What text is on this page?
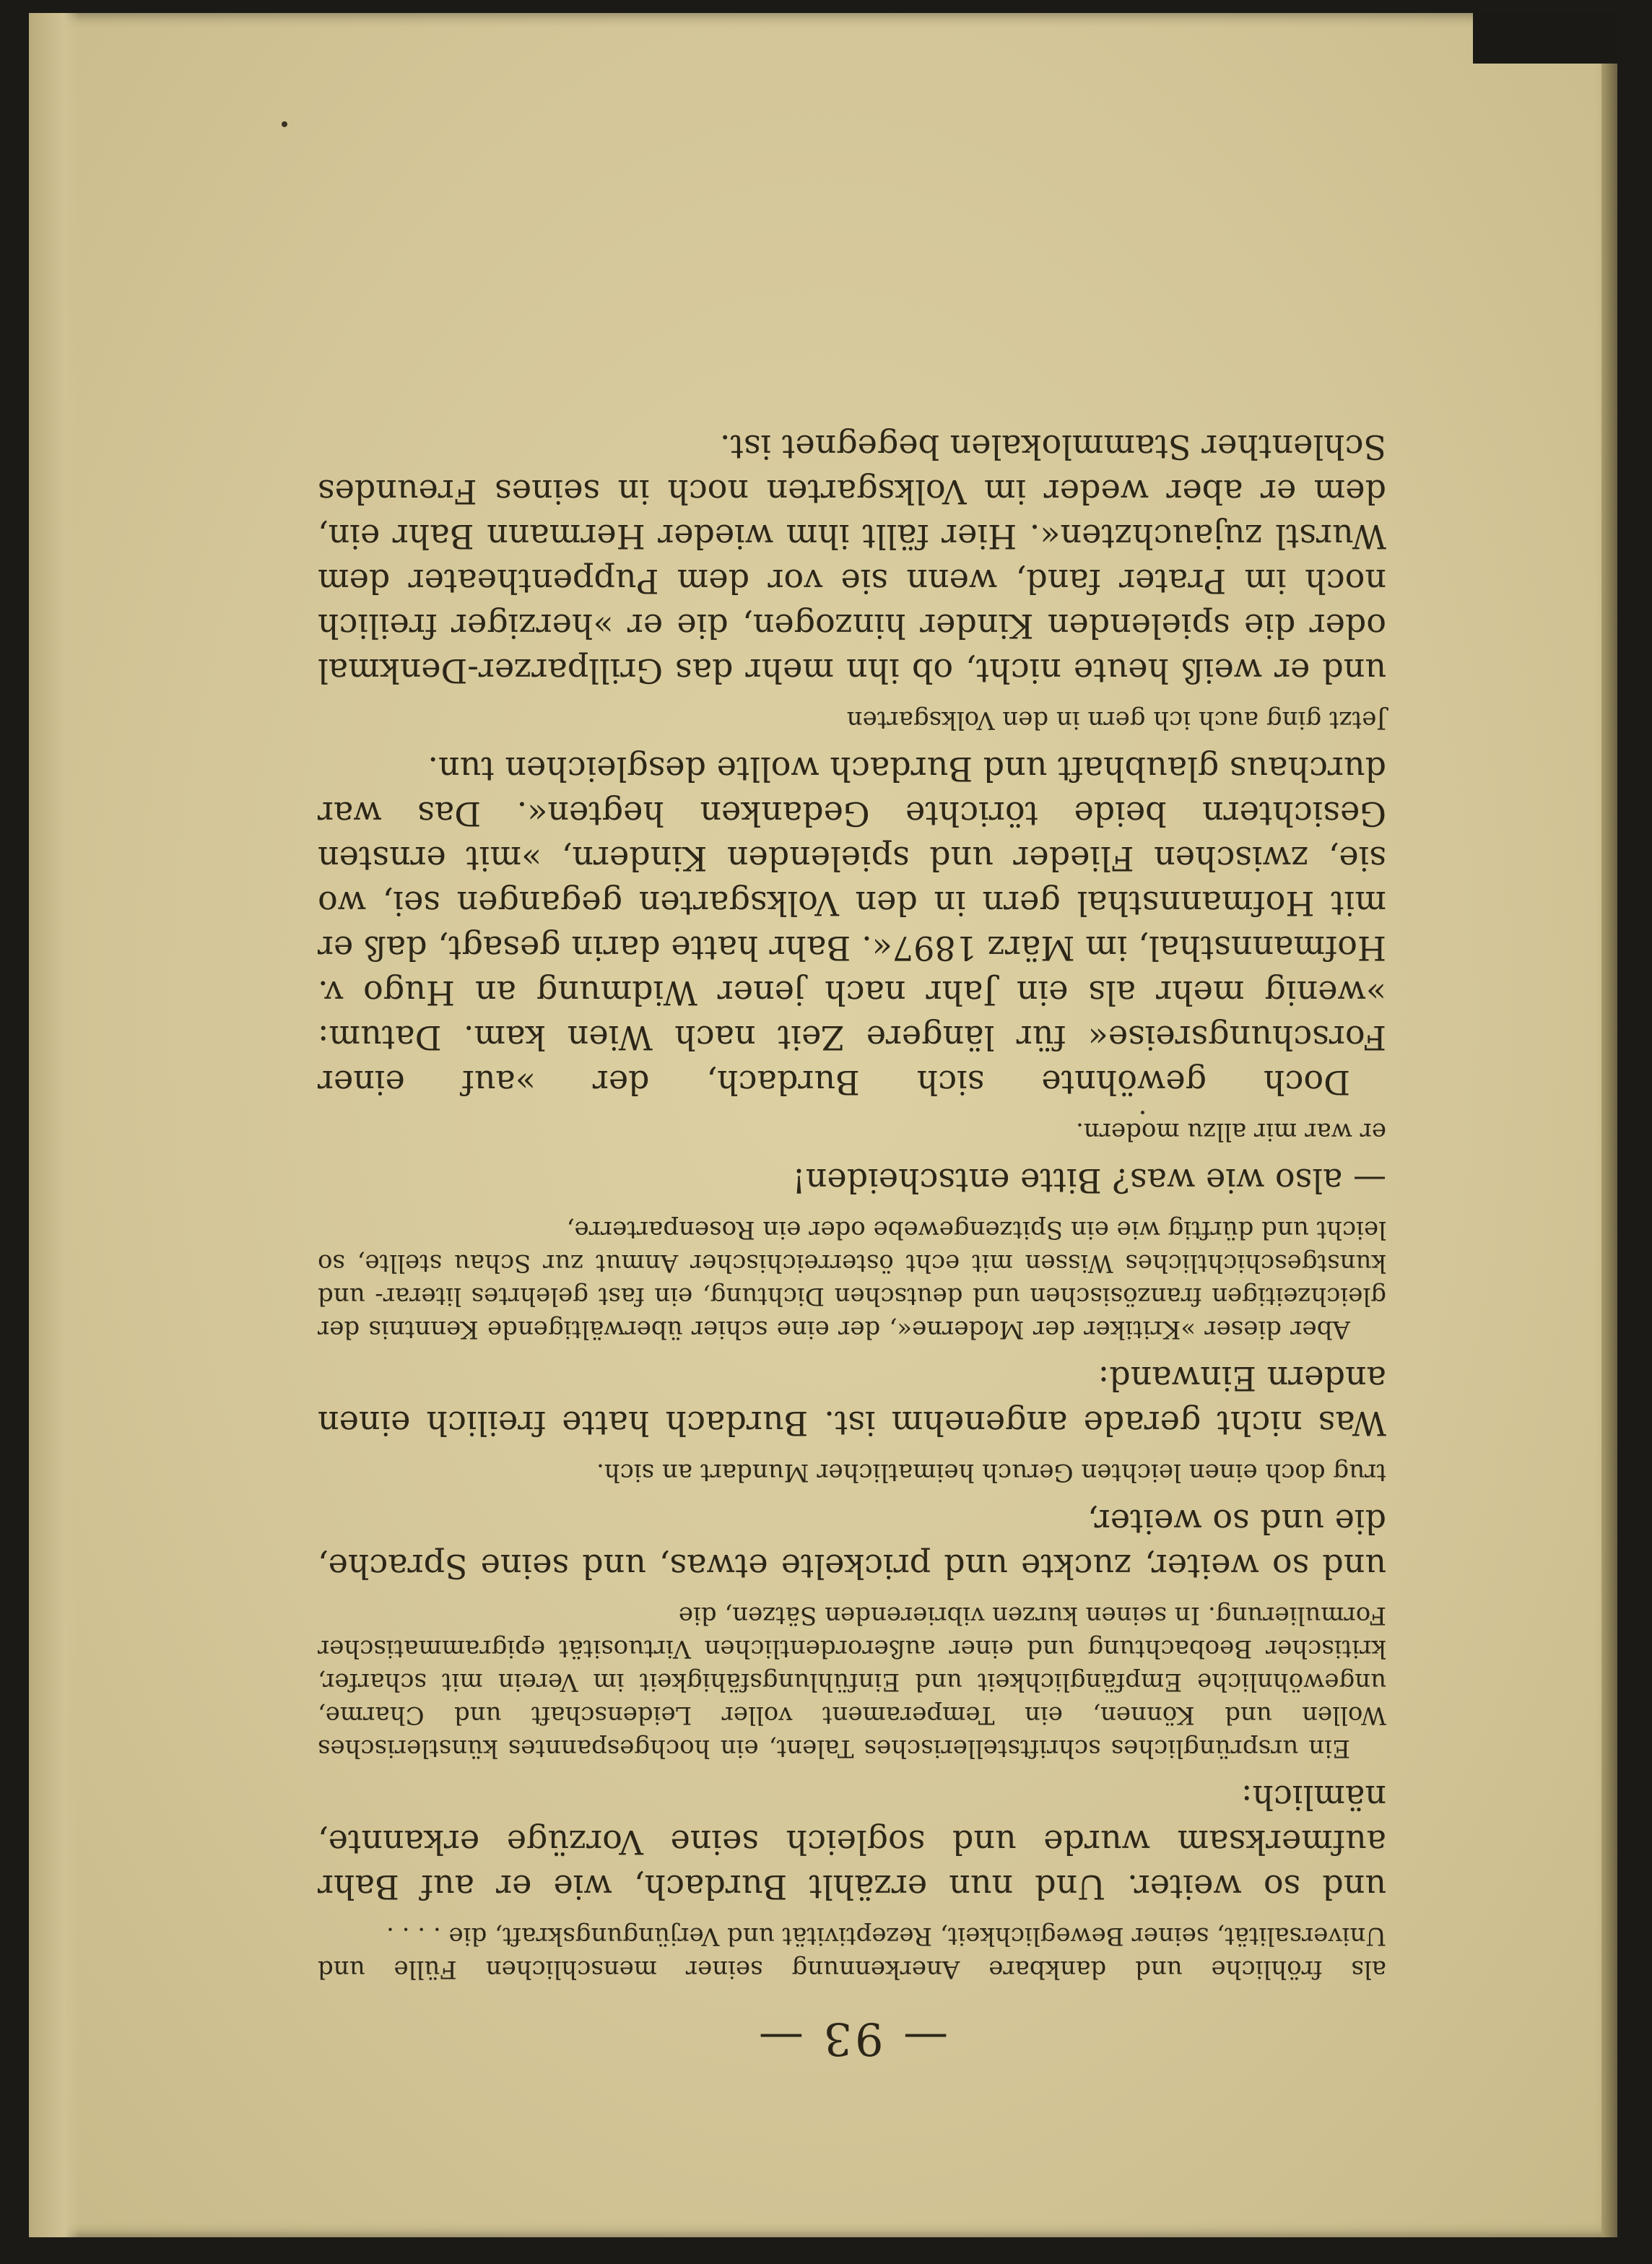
— 93 —

als fröhliche und dankbare Anerkennung seiner menschlichen Fülle und Universalität, seiner Beweglichkeit, Rezeptivität und Verjüngungskraft, die . . . .

und so weiter. Und nun erzählt Burdach, wie er auf Bahr aufmerksam wurde und sogleich seine Vorzüge erkannte, nämlich:

Ein ursprüngliches schriftstellerisches Talent, ein hochgespanntes künstlerisches Wollen und Können, ein Temperament voller Leidenschaft und Charme, ungewöhnliche Empfänglichkeit und Einfühlungsfähigkeit im Verein mit scharfer, kritischer Beobachtung und einer außerordentlichen Virtuosität epigrammatischer Formulierung. In seinen kurzen vibrierenden Sätzen, die

und so weiter, zuckte und prickelte etwas, und seine Sprache, die und so weiter,

trug doch einen leichten Geruch heimatlicher Mundart an sich.

Was nicht gerade angenehm ist. Burdach hatte freilich einen andern Einwand:

Aber dieser »Kritiker der Moderne«, der eine schier überwältigende Kenntnis der gleichzeitigen französischen und deutschen Dichtung, ein fast gelehrtes literar- und kunstgeschichtliches Wissen mit echt österreichischer Anmut zur Schau stellte, so leicht und dürftig wie ein Spitzengewebe oder ein Rosenparterre,

— also wie was? Bitte entscheiden!

er war mir allzu modern.

Doch gewöhnte sich Burdach, der »auf einer Forschungsreise« für längere Zeit nach Wien kam. Datum: »wenig mehr als ein Jahr nach jener Widmung an Hugo v. Hofmannsthal, im März 1897«. Bahr hatte darin gesagt, daß er mit Hofmannsthal gern in den Volksgarten gegangen sei, wo sie, zwischen Flieder und spielenden Kindern, »mit ernsten Gesichtern beide törichte Gedanken hegten«. Das war durchaus glaubhaft und Burdach wollte desgleichen tun.

Jetzt ging auch ich gern in den Volksgarten

und er weiß heute nicht, ob ihn mehr das Grillparzer-Denkmal oder die spielenden Kinder hinzogen, die er »herziger freilich noch im Prater fand, wenn sie vor dem Puppentheater dem Wurstl zujauchzten«. Hier fällt ihm wieder Hermann Bahr ein, dem er aber weder im Volksgarten noch in seines Freundes Schlenther Stammlokalen begegnet ist.
